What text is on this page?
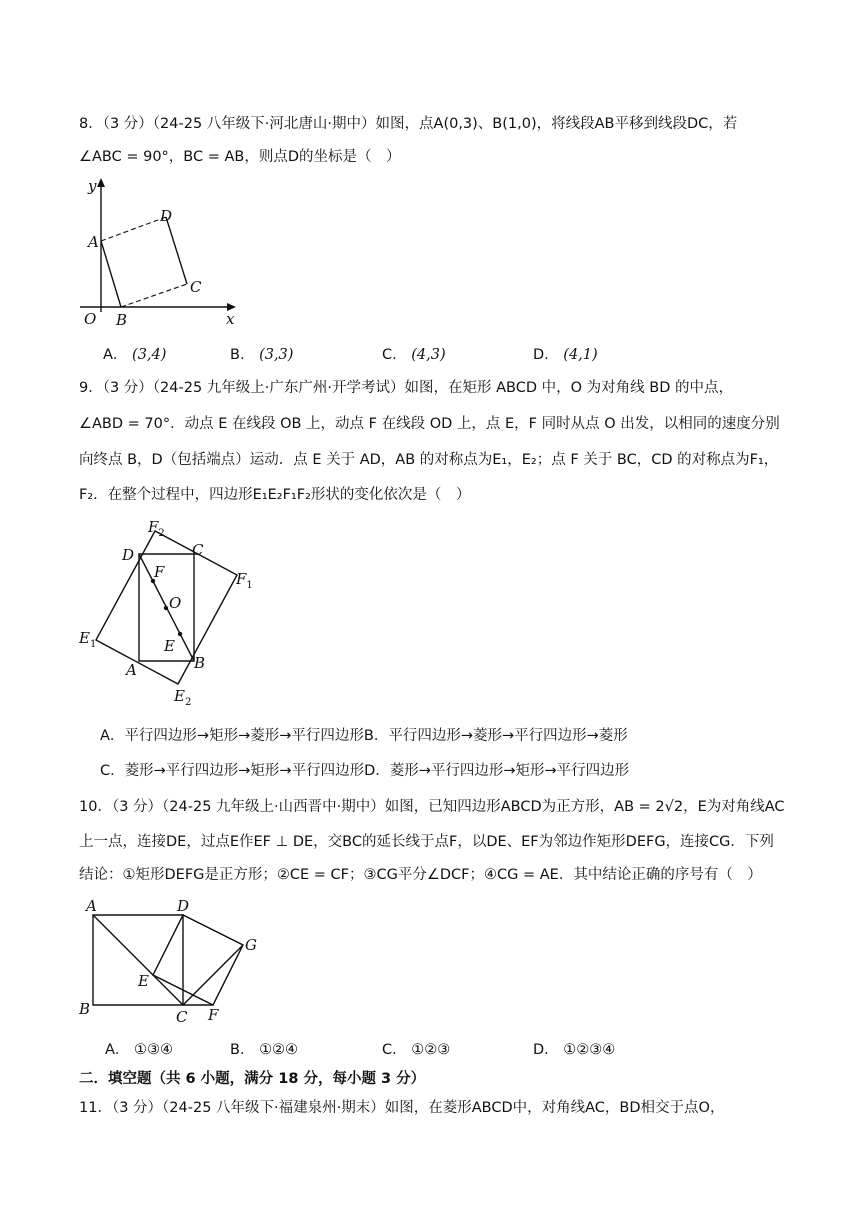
8．（3 分）（24-25 八年级下·河北唐山·期中）如图，点A(0,3)、B(1,0)，将线段AB平移到线段DC，若
∠ABC = 90°，BC = AB，则点D的坐标是（　）
y
x
O
A
B
C
D
A． (3,4)	B． (3,3)	C． (4,3)	D． (4,1)
9．（3 分）（24-25 九年级上·广东广州·开学考试）如图，在矩形 ABCD 中，O 为对角线 BD 的中点，
∠ABD = 70°．动点 E 在线段 OB 上，动点 F 在线段 OD 上，点 E，F 同时从点 O 出发，以相同的速度分别
向终点 B，D（包括端点）运动．点 E 关于 AD，AB 的对称点为E₁，E₂；点 F 关于 BC，CD 的对称点为F₁，
F₂．在整个过程中，四边形E₁E₂F₁F₂形状的变化依次是（　）
$F_2$
D	C
F	$F_1$
O
$E_1$	E
A	B
$E_2$
A．平行四边形→矩形→菱形→平行四边形B．平行四边形→菱形→平行四边形→菱形
C．菱形→平行四边形→矩形→平行四边形D．菱形→平行四边形→矩形→平行四边形
10．（3 分）（24-25 九年级上·山西晋中·期中）如图，已知四边形ABCD为正方形，AB = 2√2，E为对角线AC
上一点，连接DE，过点E作EF ⊥ DE，交BC的延长线于点F，以DE、EF为邻边作矩形DEFG，连接CG．下列
结论：①矩形DEFG是正方形；②CE = CF；③CG平分∠DCF；④CG = AE．其中结论正确的序号有（　）
A	D
G
E
B	C F
A． ①③④	B． ①②④	C． ①②③	D． ①②③④
二．填空题（共 6 小题，满分 18 分，每小题 3 分）
11．（3 分）（24-25 八年级下·福建泉州·期末）如图，在菱形ABCD中，对角线AC，BD相交于点O，
